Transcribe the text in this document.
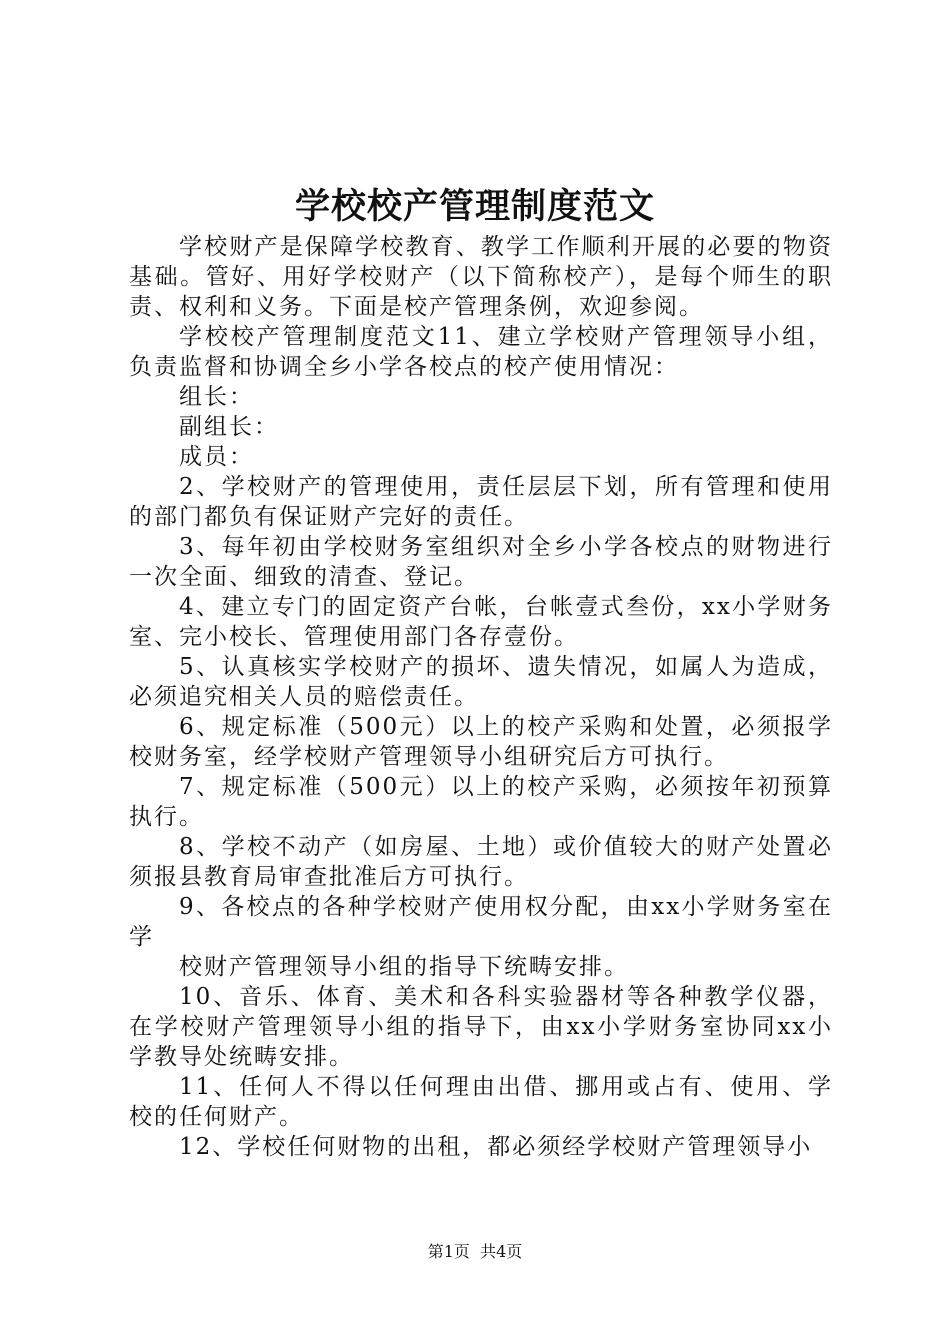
学校校产管理制度范文

学校财产是保障学校教育、教学工作顺利开展的必要的物资基础。管好、用好学校财产（以下简称校产），是每个师生的职责、权利和义务。下面是校产管理条例，欢迎参阅。

学校校产管理制度范文11、建立学校财产管理领导小组，负责监督和协调全乡小学各校点的校产使用情况：

组长：

副组长：

成员：

2、学校财产的管理使用，责任层层下划，所有管理和使用的部门都负有保证财产完好的责任。

3、每年初由学校财务室组织对全乡小学各校点的财物进行一次全面、细致的清查、登记。

4、建立专门的固定资产台帐，台帐壹式叁份，xx小学财务室、完小校长、管理使用部门各存壹份。

5、认真核实学校财产的损坏、遗失情况，如属人为造成，必须追究相关人员的赔偿责任。

6、规定标准（500元）以上的校产采购和处置，必须报学校财务室，经学校财产管理领导小组研究后方可执行。

7、规定标准（500元）以上的校产采购，必须按年初预算执行。

8、学校不动产（如房屋、土地）或价值较大的财产处置必须报县教育局审查批准后方可执行。

9、各校点的各种学校财产使用权分配，由xx小学财务室在学

校财产管理领导小组的指导下统畴安排。

10、音乐、体育、美术和各科实验器材等各种教学仪器，在学校财产管理领导小组的指导下，由xx小学财务室协同xx小学教导处统畴安排。

11、任何人不得以任何理由出借、挪用或占有、使用、学校的任何财产。

12、学校任何财物的出租，都必须经学校财产管理领导小

第1页 共4页
